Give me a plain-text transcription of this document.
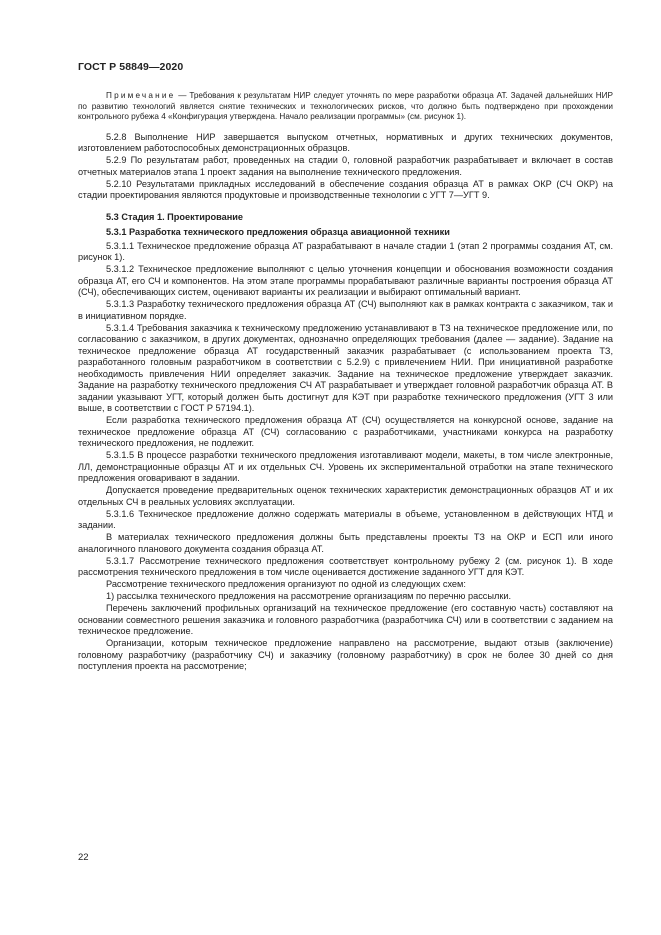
ГОСТ Р 58849—2020

Примечание — Требования к результатам НИР следует уточнять по мере разработки образца АТ. Задачей дальнейших НИР по развитию технологий является снятие технических и технологических рисков, что должно быть подтверждено при прохождении контрольного рубежа 4 «Конфигурация утверждена. Начало реализации программы» (см. рисунок 1).

5.2.8 Выполнение НИР завершается выпуском отчетных, нормативных и других технических документов, изготовлением работоспособных демонстрационных образцов.

5.2.9 По результатам работ, проведенных на стадии 0, головной разработчик разрабатывает и включает в состав отчетных материалов этапа 1 проект задания на выполнение технического предложения.

5.2.10 Результатами прикладных исследований в обеспечение создания образца АТ в рамках ОКР (СЧ ОКР) на стадии проектирования являются продуктовые и производственные технологии с УГТ 7—УГТ 9.

5.3 Стадия 1. Проектирование

5.3.1 Разработка технического предложения образца авиационной техники

5.3.1.1 Техническое предложение образца АТ разрабатывают в начале стадии 1 (этап 2 программы создания АТ, см. рисунок 1).

5.3.1.2 Техническое предложение выполняют с целью уточнения концепции и обоснования возможности создания образца АТ, его СЧ и компонентов. На этом этапе программы прорабатывают различные варианты построения образца АТ (СЧ), обеспечивающих систем, оценивают варианты их реализации и выбирают оптимальный вариант.

5.3.1.3 Разработку технического предложения образца АТ (СЧ) выполняют как в рамках контракта с заказчиком, так и в инициативном порядке.

5.3.1.4 Требования заказчика к техническому предложению устанавливают в ТЗ на техническое предложение или, по согласованию с заказчиком, в других документах, однозначно определяющих требования (далее — задание). Задание на техническое предложение образца АТ государственный заказчик разрабатывает (с использованием проекта ТЗ, разработанного головным разработчиком в соответствии с 5.2.9) с привлечением НИИ. При инициативной разработке необходимость привлечения НИИ определяет заказчик. Задание на техническое предложение утверждает заказчик. Задание на разработку технического предложения СЧ АТ разрабатывает и утверждает головной разработчик образца АТ. В задании указывают УГТ, который должен быть достигнут для КЭТ при разработке технического предложения (УГТ 3 или выше, в соответствии с ГОСТ Р 57194.1).

Если разработка технического предложения образца АТ (СЧ) осуществляется на конкурсной основе, задание на техническое предложение образца АТ (СЧ) согласованию с разработчиками, участниками конкурса на разработку технического предложения, не подлежит.

5.3.1.5 В процессе разработки технического предложения изготавливают модели, макеты, в том числе электронные, ЛЛ, демонстрационные образцы АТ и их отдельных СЧ. Уровень их экспериментальной отработки на этапе технического предложения оговаривают в задании.

Допускается проведение предварительных оценок технических характеристик демонстрационных образцов АТ и их отдельных СЧ в реальных условиях эксплуатации.

5.3.1.6 Техническое предложение должно содержать материалы в объеме, установленном в действующих НТД и задании.

В материалах технического предложения должны быть представлены проекты ТЗ на ОКР и ЕСП или иного аналогичного планового документа создания образца АТ.

5.3.1.7 Рассмотрение технического предложения соответствует контрольному рубежу 2 (см. рисунок 1). В ходе рассмотрения технического предложения в том числе оценивается достижение заданного УГТ для КЭТ.

Рассмотрение технического предложения организуют по одной из следующих схем:

1) рассылка технического предложения на рассмотрение организациям по перечню рассылки.

Перечень заключений профильных организаций на техническое предложение (его составную часть) составляют на основании совместного решения заказчика и головного разработчика (разработчика СЧ) или в соответствии с заданием на техническое предложение.

Организации, которым техническое предложение направлено на рассмотрение, выдают отзыв (заключение) головному разработчику (разработчику СЧ) и заказчику (головному разработчику) в срок не более 30 дней со дня поступления проекта на рассмотрение;

22
